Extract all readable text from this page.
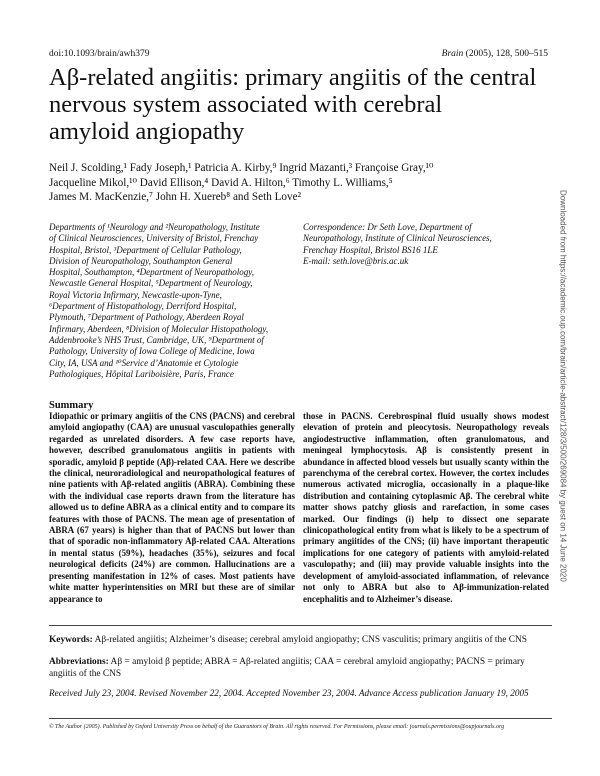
doi:10.1093/brain/awh379	Brain (2005), 128, 500–515
Aβ-related angiitis: primary angiitis of the central
nervous system associated with cerebral
amyloid angiopathy
Neil J. Scolding,¹ Fady Joseph,¹ Patricia A. Kirby,⁹ Ingrid Mazanti,³ Françoise Gray,¹⁰
Jacqueline Mikol,¹⁰ David Ellison,⁴ David A. Hilton,⁶ Timothy L. Williams,⁵
James M. MacKenzie,⁷ John H. Xuereb⁸ and Seth Love²
Departments of ¹Neurology and ²Neuropathology, Institute
of Clinical Neurosciences, University of Bristol, Frenchay
Hospital, Bristol, ³Department of Cellular Pathology,
Division of Neuropathology, Southampton General
Hospital, Southampton, ⁴Department of Neuropathology,
Newcastle General Hospital, ⁵Department of Neurology,
Royal Victoria Infirmary, Newcastle-upon-Tyne,
⁶Department of Histopathology, Derriford Hospital,
Plymouth, ⁷Department of Pathology, Aberdeen Royal
Infirmary, Aberdeen, ⁸Division of Molecular Histopathology,
Addenbrooke’s NHS Trust, Cambridge, UK, ⁹Department of
Pathology, University of Iowa College of Medicine, Iowa
City, IA, USA and ¹⁰Service d’Anatomie et Cytologie
Pathologiques, Hôpital Lariboisière, Paris, France
Correspondence: Dr Seth Love, Department of
Neuropathology, Institute of Clinical Neurosciences,
Frenchay Hospital, Bristol BS16 1LE
E-mail: seth.love@bris.ac.uk	Downloaded from https://academic.oup.com/brain/article-abstract/128/3/500/269084 by guest on 14 June 2020
Summary
Idiopathic or primary angiitis of the CNS (PACNS) and cerebral amyloid angiopathy (CAA) are unusual vasculopathies generally regarded as unrelated disorders. A few case reports have, however, described granulomatous angiitis in patients with sporadic, amyloid β peptide (Aβ)-related CAA. Here we describe the clinical, neuroradiological and neuropathological features of nine patients with Aβ-related angiitis (ABRA). Combining these with the individual case reports drawn from the literature has allowed us to define ABRA as a clinical entity and to compare its features with those of PACNS. The mean age of presentation of ABRA (67 years) is higher than that of PACNS but lower than that of sporadic non-inflammatory Aβ-related CAA. Alterations in mental status (59%), headaches (35%), seizures and focal neurological deficits (24%) are common. Hallucinations are a presenting manifestation in 12% of cases. Most patients have white matter hyperintensities on MRI but these are of similar appearance to
those in PACNS. Cerebrospinal fluid usually shows modest elevation of protein and pleocytosis. Neuropathology reveals angiodestructive inflammation, often granulomatous, and meningeal lymphocytosis. Aβ is consistently present in abundance in affected blood vessels but usually scanty within the parenchyma of the cerebral cortex. However, the cortex includes numerous activated microglia, occasionally in a plaque-like distribution and containing cytoplasmic Aβ. The cerebral white matter shows patchy gliosis and rarefaction, in some cases marked. Our findings (i) help to dissect one separate clinicopathological entity from what is likely to be a spectrum of primary angiitides of the CNS; (ii) have important therapeutic implications for one category of patients with amyloid-related vasculopathy; and (iii) may provide valuable insights into the development of amyloid-associated inflammation, of relevance not only to ABRA but also to Aβ-immunization-related encephalitis and to Alzheimer’s disease.
Keywords: Aβ-related angiitis; Alzheimer’s disease; cerebral amyloid angiopathy; CNS vasculitis; primary angiitis of the CNS
Abbreviations: Aβ = amyloid β peptide; ABRA = Aβ-related angiitis; CAA = cerebral amyloid angiopathy; PACNS = primary angiitis of the CNS
Received July 23, 2004. Revised November 22, 2004. Accepted November 23, 2004. Advance Access publication January 19, 2005
© The Author (2005). Published by Oxford University Press on behalf of the Guarantors of Brain. All rights reserved. For Permissions, please email: journals.permissions@oupjournals.org
